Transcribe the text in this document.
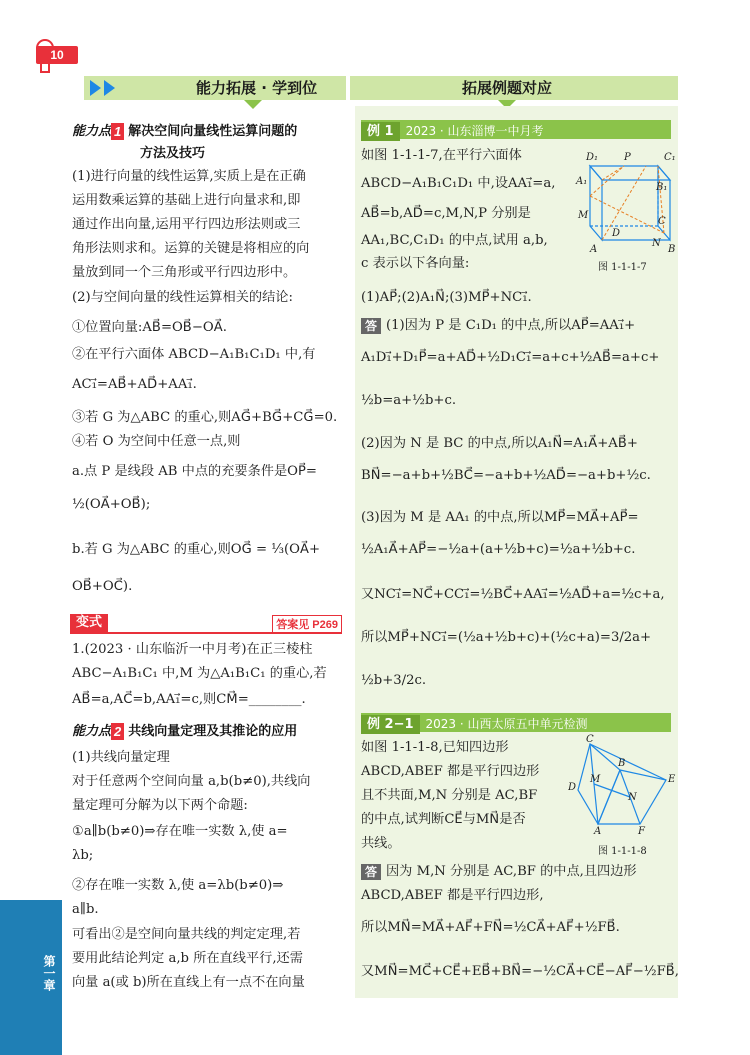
10
能力拓展 · 学到位	拓展例题对应
第一章
能力点 1 解决空间向量线性运算问题的
方法及技巧
(1)进行向量的线性运算,实质上是在正确
运用数乘运算的基础上进行向量求和,即
通过作出向量,运用平行四边形法则或三
角形法则求和。运算的关键是将相应的向
量放到同一个三角形或平行四边形中。
(2)与空间向量的线性运算相关的结论:
①位置向量:AB⃗=OB⃗−OA⃗.
②在平行六面体 ABCD−A₁B₁C₁D₁ 中,有
AC₁⃗=AB⃗+AD⃗+AA₁⃗.
③若 G 为△ABC 的重心,则AG⃗+BG⃗+CG⃗=0.
④若 O 为空间中任意一点,则
a.点 P 是线段 AB 中点的充要条件是OP⃗=
½(OA⃗+OB⃗);
b.若 G 为△ABC 的重心,则OG⃗ = ⅓(OA⃗+
OB⃗+OC⃗).
变式	答案见 P269
1.(2023 · 山东临沂一中月考)在正三棱柱
ABC−A₁B₁C₁ 中,M 为△A₁B₁C₁ 的重心,若
AB⃗=a,AC⃗=b,AA₁⃗=c,则CM⃗=________.
能力点 2 共线向量定理及其推论的应用
(1)共线向量定理
对于任意两个空间向量 a,b(b≠0),共线向
量定理可分解为以下两个命题:
①a∥b(b≠0)⇒存在唯一实数 λ,使 a=
λb;
②存在唯一实数 λ,使 a=λb(b≠0)⇒
a∥b.
可看出②是空间向量共线的判定定理,若
要用此结论判定 a,b 所在直线平行,还需
向量 a(或 b)所在直线上有一点不在向量
例 1 2023 · 山东淄博一中月考
如图 1-1-1-7,在平行六面体
ABCD−A₁B₁C₁D₁ 中,设AA₁⃗=a,
AB⃗=b,AD⃗=c,M,N,P 分别是
AA₁,BC,C₁D₁ 的中点,试用 a,b,
c 表示以下各向量:
D₁	P	C₁
A₁
B₁
M
D
C
N
A	B
图 1-1-1-7
(1)AP⃗;(2)A₁N⃗;(3)MP⃗+NC₁⃗.
答 (1)因为 P 是 C₁D₁ 的中点,所以AP⃗=AA₁⃗+
A₁D₁⃗+D₁P⃗=a+AD⃗+½D₁C₁⃗=a+c+½AB⃗=a+c+
½b=a+½b+c.
(2)因为 N 是 BC 的中点,所以A₁N⃗=A₁A⃗+AB⃗+
BN⃗=−a+b+½BC⃗=−a+b+½AD⃗=−a+b+½c.
(3)因为 M 是 AA₁ 的中点,所以MP⃗=MA⃗+AP⃗=
½A₁A⃗+AP⃗=−½a+(a+½b+c)=½a+½b+c.
又NC₁⃗=NC⃗+CC₁⃗=½BC⃗+AA₁⃗=½AD⃗+a=½c+a,
所以MP⃗+NC₁⃗=(½a+½b+c)+(½c+a)=3/2a+
½b+3/2c.
例 2−1 2023 · 山西太原五中单元检测
如图 1-1-1-8,已知四边形
ABCD,ABEF 都是平行四边形
且不共面,M,N 分别是 AC,BF
的中点,试判断CE⃗与MN⃗是否
共线。
C
B
E
D
M
N
A	F
图 1-1-1-8
答 因为 M,N 分别是 AC,BF 的中点,且四边形
ABCD,ABEF 都是平行四边形,
所以MN⃗=MA⃗+AF⃗+FN⃗=½CA⃗+AF⃗+½FB⃗.
又MN⃗=MC⃗+CE⃗+EB⃗+BN⃗=−½CA⃗+CE⃗−AF⃗−½FB⃗,
